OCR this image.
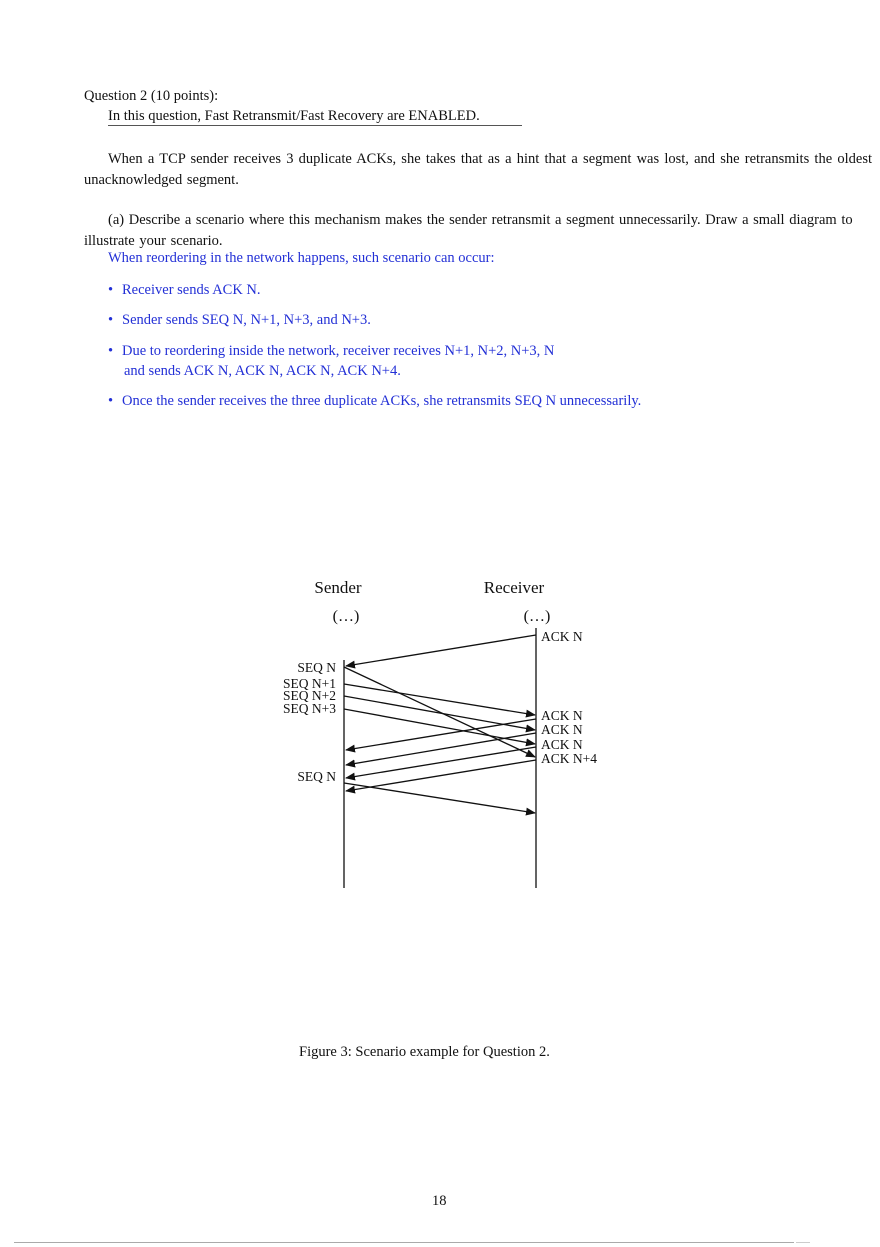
Question 2 (10 points):
In this question, Fast Retransmit/Fast Recovery are ENABLED.
When a TCP sender receives 3 duplicate ACKs, she takes that as a hint that a segment was lost, and she retransmits the oldest unacknowledged segment.
(a) Describe a scenario where this mechanism makes the sender retransmit a segment unnecessarily. Draw a small diagram to illustrate your scenario.
When reordering in the network happens, such scenario can occur:
• Receiver sends ACK N.
• Sender sends SEQ N, N+1, N+3, and N+3.
• Due to reordering inside the network, receiver receives N+1, N+2, N+3, N
and sends ACK N, ACK N, ACK N, ACK N+4.
• Once the sender receives the three duplicate ACKs, she retransmits SEQ N unnecessarily.
Sender	Receiver
(…)	(…)
ACK N
SEQ N
SEQ N+1
SEQ N+2
SEQ N+3	ACK N
ACK N
ACK N
ACK N+4
SEQ N
Figure 3: Scenario example for Question 2.
18
